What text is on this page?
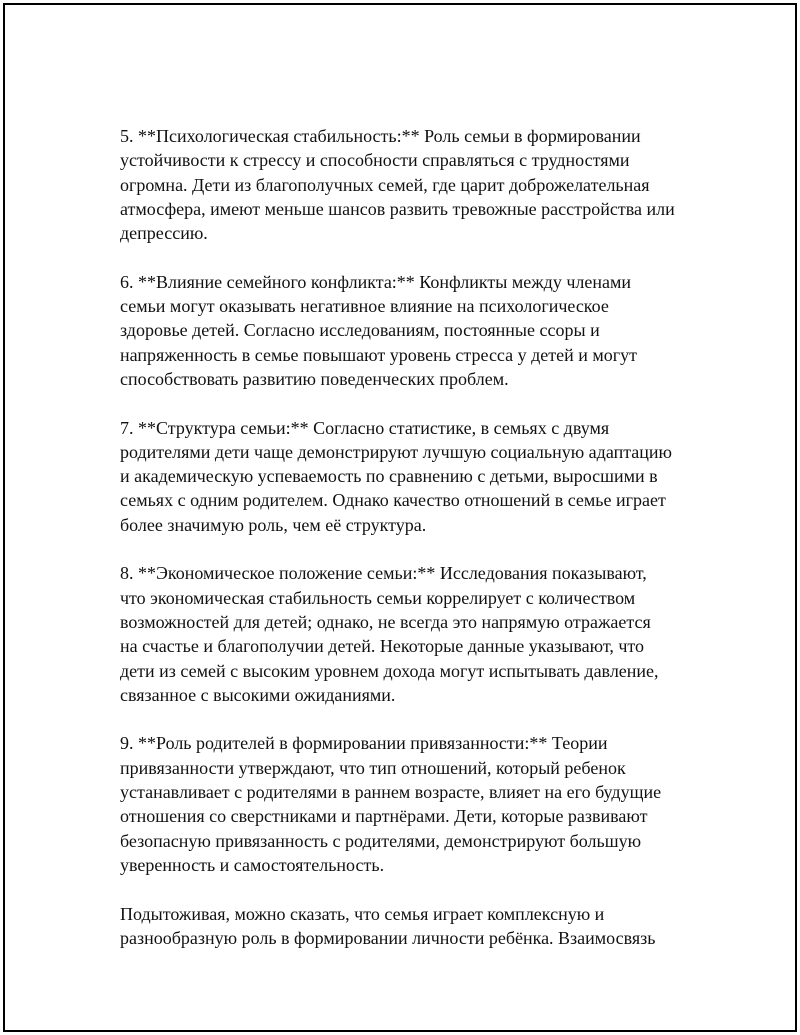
5. **Психологическая стабильность:** Роль семьи в формировании
устойчивости к стрессу и способности справляться с трудностями
огромна. Дети из благополучных семей, где царит доброжелательная
атмосфера, имеют меньше шансов развить тревожные расстройства или
депрессию.

6. **Влияние семейного конфликта:** Конфликты между членами
семьи могут оказывать негативное влияние на психологическое
здоровье детей. Согласно исследованиям, постоянные ссоры и
напряженность в семье повышают уровень стресса у детей и могут
способствовать развитию поведенческих проблем.

7. **Структура семьи:** Согласно статистике, в семьях с двумя
родителями дети чаще демонстрируют лучшую социальную адаптацию
и академическую успеваемость по сравнению с детьми, выросшими в
семьях с одним родителем. Однако качество отношений в семье играет
более значимую роль, чем её структура.

8. **Экономическое положение семьи:** Исследования показывают,
что экономическая стабильность семьи коррелирует с количеством
возможностей для детей; однако, не всегда это напрямую отражается
на счастье и благополучии детей. Некоторые данные указывают, что
дети из семей с высоким уровнем дохода могут испытывать давление,
связанное с высокими ожиданиями.

9. **Роль родителей в формировании привязанности:** Теории
привязанности утверждают, что тип отношений, который ребенок
устанавливает с родителями в раннем возрасте, влияет на его будущие
отношения со сверстниками и партнёрами. Дети, которые развивают
безопасную привязанность с родителями, демонстрируют большую
уверенность и самостоятельность.

Подытоживая, можно сказать, что семья играет комплексную и
разнообразную роль в формировании личности ребёнка. Взаимосвязь
